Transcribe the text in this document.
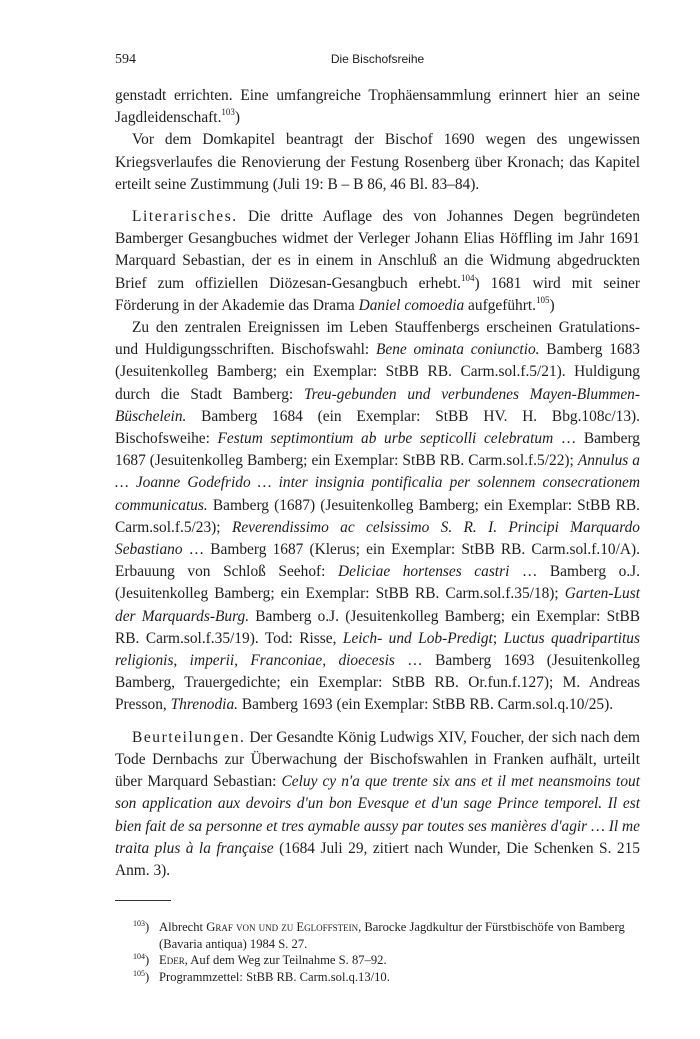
594	Die Bischofsreihe

genstadt errichten. Eine umfangreiche Trophäensammlung erinnert hier an seine Jagdleidenschaft.$^{103}$)

Vor dem Domkapitel beantragt der Bischof 1690 wegen des ungewissen Kriegsverlaufes die Renovierung der Festung Rosenberg über Kronach; das Kapitel erteilt seine Zustimmung (Juli 19: B – B 86, 46 Bl. 83–84).

Literarisches. Die dritte Auflage des von Johannes Degen begründeten Bamberger Gesangbuches widmet der Verleger Johann Elias Höffling im Jahr 1691 Marquard Sebastian, der es in einem in Anschluß an die Widmung abgedruckten Brief zum offiziellen Diözesan-Gesangbuch erhebt.$^{104}$) 1681 wird mit seiner Förderung in der Akademie das Drama Daniel comoedia aufgeführt.$^{105}$)

Zu den zentralen Ereignissen im Leben Stauffenbergs erscheinen Gratulations- und Huldigungsschriften. Bischofswahl: Bene ominata coniunctio. Bamberg 1683 (Jesuitenkolleg Bamberg; ein Exemplar: StBB RB. Carm.sol.f.5/21). Huldigung durch die Stadt Bamberg: Treu-gebunden und verbundenes Mayen-Blummen-Büschelein. Bamberg 1684 (ein Exemplar: StBB HV. H. Bbg.108c/13). Bischofsweihe: Festum septimontium ab urbe septicolli celebratum … Bamberg 1687 (Jesuitenkolleg Bamberg; ein Exemplar: StBB RB. Carm.sol.f.5/22); Annulus a … Joanne Godefrido … inter insignia pontificalia per solennem consecrationem communicatus. Bamberg (1687) (Jesuitenkolleg Bamberg; ein Exemplar: StBB RB. Carm.sol.f.5/23); Reverendissimo ac celsissimo S. R. I. Principi Marquardo Sebastiano … Bamberg 1687 (Klerus; ein Exemplar: StBB RB. Carm.sol.f.10/A). Erbauung von Schloß Seehof: Deliciae hortenses castri … Bamberg o.J. (Jesuitenkolleg Bamberg; ein Exemplar: StBB RB. Carm.sol.f.35/18); Garten-Lust der Marquards-Burg. Bamberg o.J. (Jesuitenkolleg Bamberg; ein Exemplar: StBB RB. Carm.sol.f.35/19). Tod: Risse, Leich- und Lob-Predigt; Luctus quadripartitus religionis, imperii, Franconiae, dioecesis … Bamberg 1693 (Jesuitenkolleg Bamberg, Trauergedichte; ein Exemplar: StBB RB. Or.fun.f.127); M. Andreas Presson, Threnodia. Bamberg 1693 (ein Exemplar: StBB RB. Carm.sol.q.10/25).

Beurteilungen. Der Gesandte König Ludwigs XIV, Foucher, der sich nach dem Tode Dernbachs zur Überwachung der Bischofswahlen in Franken aufhält, urteilt über Marquard Sebastian: Celuy cy n'a que trente six ans et il met neansmoins tout son application aux devoirs d'un bon Evesque et d'un sage Prince temporel. Il est bien fait de sa personne et tres aymable aussy par toutes ses manières d'agir … Il me traita plus à la française (1684 Juli 29, zitiert nach Wunder, Die Schenken S. 215 Anm. 3).

$^{103}$) Albrecht Graf von und zu Egloffstein, Barocke Jagdkultur der Fürstbischöfe von Bamberg (Bavaria antiqua) 1984 S. 27.
$^{104}$) Eder, Auf dem Weg zur Teilnahme S. 87–92.
$^{105}$) Programmzettel: StBB RB. Carm.sol.q.13/10.
